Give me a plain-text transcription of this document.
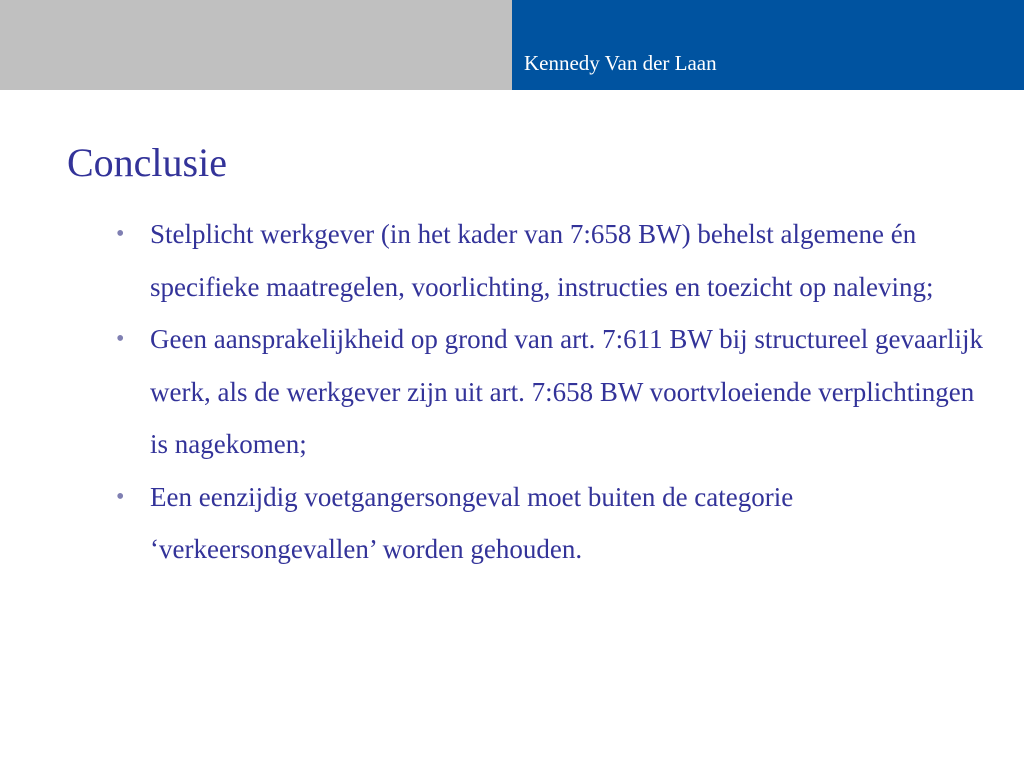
Kennedy Van der Laan
Conclusie
• Stelplicht werkgever (in het kader van 7:658 BW) behelst algemene én specifieke maatregelen, voorlichting, instructies en toezicht op naleving;
• Geen aansprakelijkheid op grond van art. 7:611 BW bij structureel gevaarlijk werk, als de werkgever zijn uit art. 7:658 BW voortvloeiende verplichtingen is nagekomen;
• Een eenzijdig voetgangersongeval moet buiten de categorie ‘verkeersongevallen’ worden gehouden.
